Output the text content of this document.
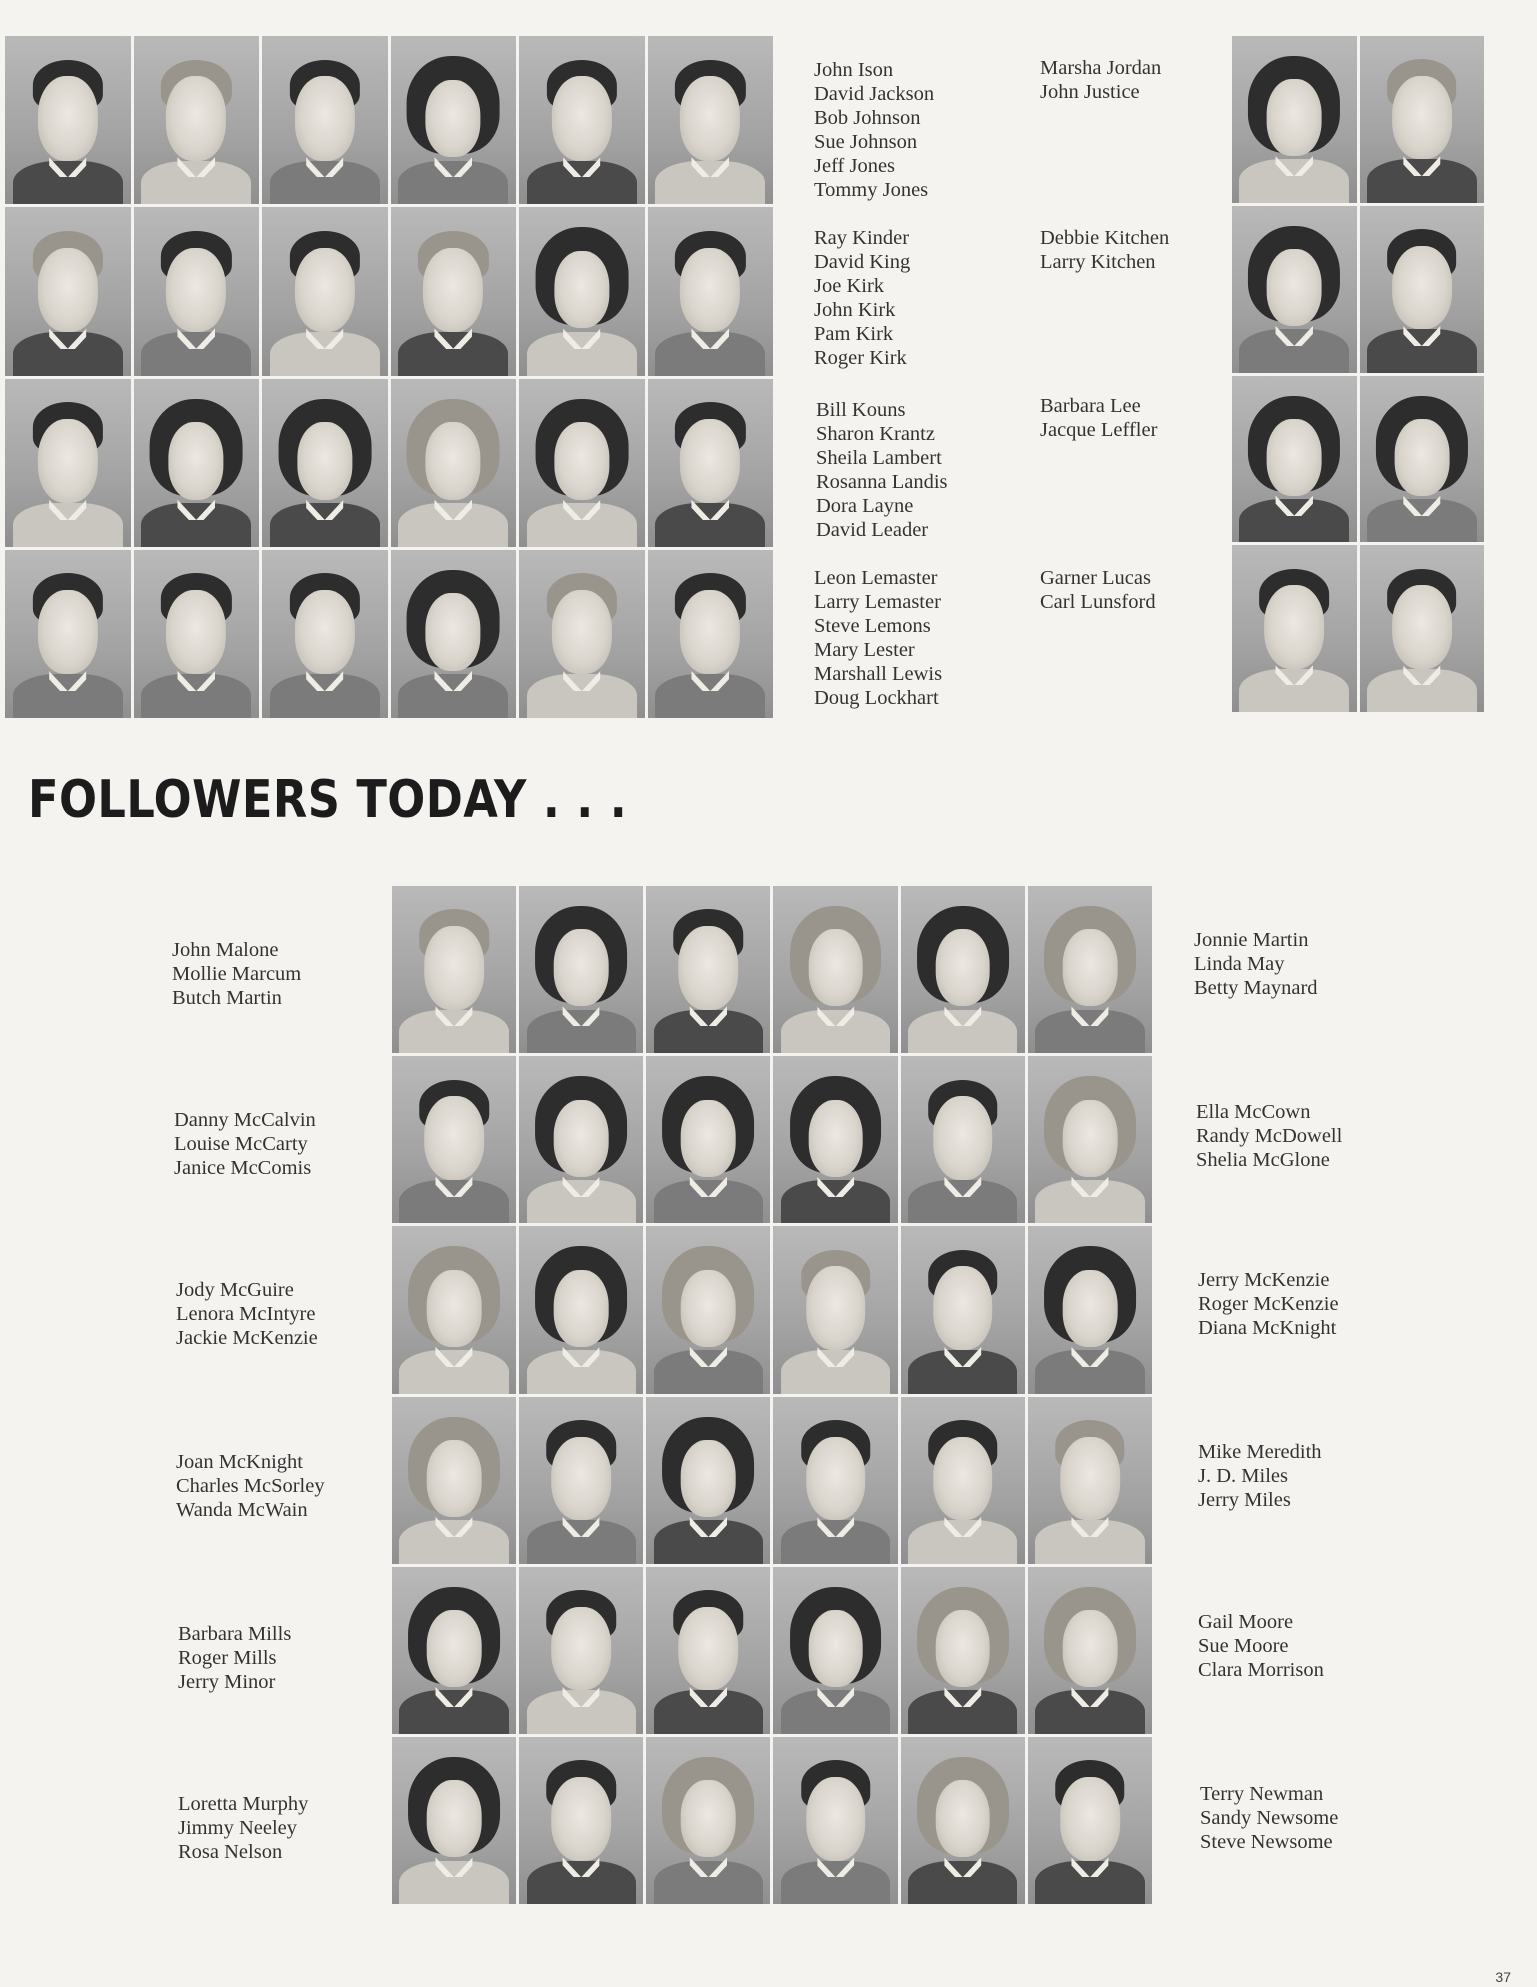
John Ison
David Jackson
Bob Johnson
Sue Johnson
Jeff Jones
Tommy Jones
Marsha Jordan
John Justice
Ray Kinder
David King
Joe Kirk
John Kirk
Pam Kirk
Roger Kirk
Debbie Kitchen
Larry Kitchen
Bill Kouns
Sharon Krantz
Sheila Lambert
Rosanna Landis
Dora Layne
David Leader
Barbara Lee
Jacque Leffler
Leon Lemaster
Larry Lemaster
Steve Lemons
Mary Lester
Marshall Lewis
Doug Lockhart
Garner Lucas
Carl Lunsford
FOLLOWERS TODAY . . .
John Malone
Mollie Marcum
Butch Martin
Danny McCalvin
Louise McCarty
Janice McComis
Jody McGuire
Lenora McIntyre
Jackie McKenzie
Joan McKnight
Charles McSorley
Wanda McWain
Barbara Mills
Roger Mills
Jerry Minor
Loretta Murphy
Jimmy Neeley
Rosa Nelson
Jonnie Martin
Linda May
Betty Maynard
Ella McCown
Randy McDowell
Shelia McGlone
Jerry McKenzie
Roger McKenzie
Diana McKnight
Mike Meredith
J. D. Miles
Jerry Miles
Gail Moore
Sue Moore
Clara Morrison
Terry Newman
Sandy Newsome
Steve Newsome
37
